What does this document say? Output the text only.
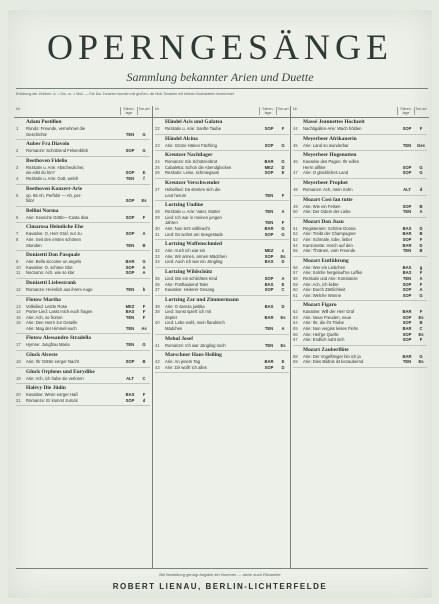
OPERNGESÄNGE
Sammlung bekannter Arien und Duette
Erklärung der Zeichen: d. = Dur, m. = Moll. — Die Dur-Tonarten wurden mit großen, die Moll-Tonarten mit kleinen Buchstaben bezeichnet
Nr.	Stimm-lage
Ton-art
Adam Postillon
1	Rondo: Freunde, vernehmet die
Geschichte	TEN	G
Auber Fra Diavolo
2	Romanze: Schützend Felsenblick	SOP	G
Beethoven Fidelio
3	Rezitativ u. Arie: Abscheulicher,
wo eilst du hin?	SOP	E
4	Rezitativ u. Arie: Gott, welch	TEN	f
Beethoven Konzert-Arie
5	op. 65 Ah, Perfido! — Ah, per-
fido!	SOP	Es
Bellini Norma
6	Arie: Keusche Göttin—Casta diva	SOP	F
Cimarosa Heimliche Ehe
7	Kavatine: O, Herr Graf, nur zu	SOP	A
8	Arie: Seit den ersten schönen
Stunden	TEN	B
Donizetti Don Pasquale
9	Arie: Bella siccome un angelo	BAR	G
10	Kavatine: O, schöne Glut	SOP	A
11	Nocturno: Ach, wie so klar	SOP	A
Donizetti Liebestrank
12	Romanze: Heimlich aus ihrem Auge	TEN	b
Flotow Martha
13	Volkslied: Letzte Rose	MEZ	F
14	Porter-Lied: Lasst mich euch fragen	BAS	F
15	Arie: Ach, so fromm	TEN	F
16	Arie: Den Herrn zur Geselle
Arie: Mag der Himmel euch	TEN	As
Flotow Alessandro Stradella
17	Hymne: Jungfrau Maria	TEN	G
Gluck Alceste
18	Arie: Ihr Götter ew'ger Nacht	SOP	B
Gluck Orpheus und Eurydike
19	Arie: Ach, ich habe sie verloren	ALT	C
Halévy Die Jüdin
20	Kavatine: Wenn ew'ger Haß	BAS	F
21	Romanze: Er kommt zurück	SOP	d
Nr.	Stimm-lage
Ton-art
Händel Acis und Galatea
22	Rezitativ u. Arie: Sanfte Taube	SOP	F
Händel Alcina
23	Arie: Grüne Hänen Fächling	SOP	G
Kreutzer Nachtlager
24	Romanze: Ein Schützenbrot	BAR	G
25	Cabaletta: Schon die Abendglocken	MEZ	D
26	Rezitativ: Leise, schmiegsam	SOP	E
Kreutzer Verschwender
27	Hobellied: Da streiten sich die
Leut herum	TEN	F
Lortzing Undine
28	Rezitativ u. Arie: Vater, Mutter	TEN	A
29	Lied: Ich war in meinen jungen
Jahren	TEN	F
30	Arie: Nun ist's vollbracht	BAR	G
31	Lied: Es wohnt am Seegestade	SOP	G
Lortzing Waffenschmied
32	Arie: Auch ich war ein	MEZ	c
33	Arie: Wir armen, armen Mädchen	SOP	Es
34	Lied: Auch ich war ein Jüngling	BAS	D
Lortzing Wildschütz
35	Lied: Bin ein schlichtes Kind	SOP	A
36	Arie: Fünftausend Taler	BAS	E
37	Kavatine: Heiterer Gesang	SOP	C
Lortzing Zar und Zimmermann
38	Arie: O sancta justitia	BAS	D
39	Lied: Sonst spielt' ich mit
Zepter	BAR	Es
40	Lied: Lebe wohl, mein flandrisch
Mädchen	TEN	A
Mehul Josef
41	Romanze: Ich war Jüngling noch	TEN	Es
Marschner Hans Heiling
42	Arie: An jenem Tag	BAR	E
43	Arie: Dir wollt' ich alles	SOP	D
Nr.	Stimm-lage
Ton-art
Massé Jeannettes Hochzeit
44	Nachtigallen-Arie: Wach hölden	SOP	F
Meyerbeer Afrikanerin
45	Arie: Land so wunderbar	TEN	Ges
Meyerbeer Hugenotten
46	Kavatine des Pagen: Ihr edlen
Herrn allhier	SOP	G
47	Arie: O glückliches Land	SOP	G
Meyerbeer Prophet
48	Romanze: Ach, mein Sohn	ALT	d
Mozart Così fan tutte
49	Arie: Wie ein Felsen	SOP	B
50	Arie: Der Odem der Liebe	TEN	A
Mozart Don Juan
51	Registerarie: Schöne Donna	BAS	D
52	Arie: Treibt der Champagner	BAR	B
53	Arie: Schmäle, tobe, lieber	SOP	F
54	Kanzonette: Horch auf den	BAR	D
55	Arie: Thränen, vom Freunde	TEN	B
Mozart Entführung
56	Arie: Wer ein Liebchen	BAS	g
57	Arie: Solche hergelauf'ne Laffen	BAS	F
58	Rezitativ und Arie: Konstanze	TEN	A
59	Arie: Ach, ich liebte	SOP	F
60	Arie: Durch Zärtlichkeit	SOP	A
61	Arie: Welche Wonne	SOP	G
Mozart Figaro
62	Kavatine: Will der Herr Graf	BAR	F
63	Arie: Neue Freuden, neue	SOP	Es
64	Arie: Ihr, die ihr Triebe	SOP	B
65	Arie: Nun vergiss leises Flehn	BAR	C
66	Arie: Heil'ge Quelle	SOP	Es
67	Arie: Endlich naht sich	SOP	F
Mozart Zauberflöte
68	Arie: Der Vogelfänger bin ich ja	BAR	G
69	Arie: Dies Bildnis ist bezaubernd	TEN	Es
Bei Bestellung genügt Angabe der Nummer — siehe auch Rückseite
ROBERT LIENAU, BERLIN-LICHTERFELDE
